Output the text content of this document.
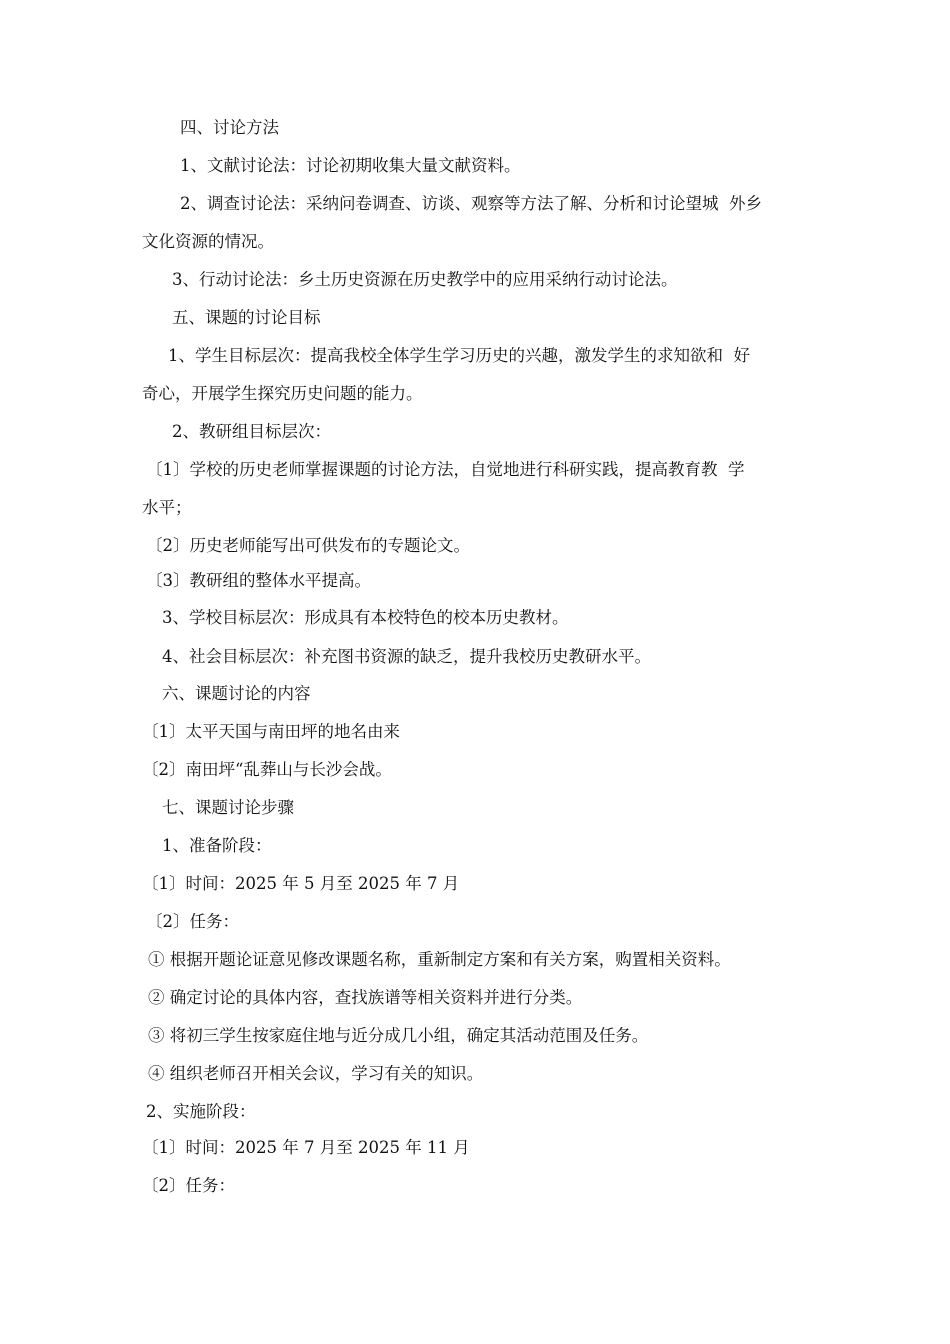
四、讨论方法
1、文献讨论法：讨论初期收集大量文献资料。
2、调查讨论法：采纳问卷调查、访谈、观察等方法了解、分析和讨论望城  外乡
文化资源的情况。
3、行动讨论法：乡土历史资源在历史教学中的应用采纳行动讨论法。
五、课题的讨论目标
1、学生目标层次：提高我校全体学生学习历史的兴趣，激发学生的求知欲和  好
奇心，开展学生探究历史问题的能力。
2、教研组目标层次：
〔1〕学校的历史老师掌握课题的讨论方法，自觉地进行科研实践，提高教育教  学
水平；
〔2〕历史老师能写出可供发布的专题论文。
〔3〕教研组的整体水平提高。
3、学校目标层次：形成具有本校特色的校本历史教材。
4、社会目标层次：补充图书资源的缺乏，提升我校历史教研水平。
六、课题讨论的内容
〔1〕太平天国与南田坪的地名由来
〔2〕南田坪“乱葬山与长沙会战。
七、课题讨论步骤
1、准备阶段：
〔1〕时间：2025 年 5 月至 2025 年 7 月
〔2〕任务：
① 根据开题论证意见修改课题名称，重新制定方案和有关方案，购置相关资料。
② 确定讨论的具体内容，查找族谱等相关资料并进行分类。
③ 将初三学生按家庭住地与近分成几小组，确定其活动范围及任务。
④ 组织老师召开相关会议，学习有关的知识。
2、实施阶段：
〔1〕时间：2025 年 7 月至 2025 年 11 月
〔2〕任务：
